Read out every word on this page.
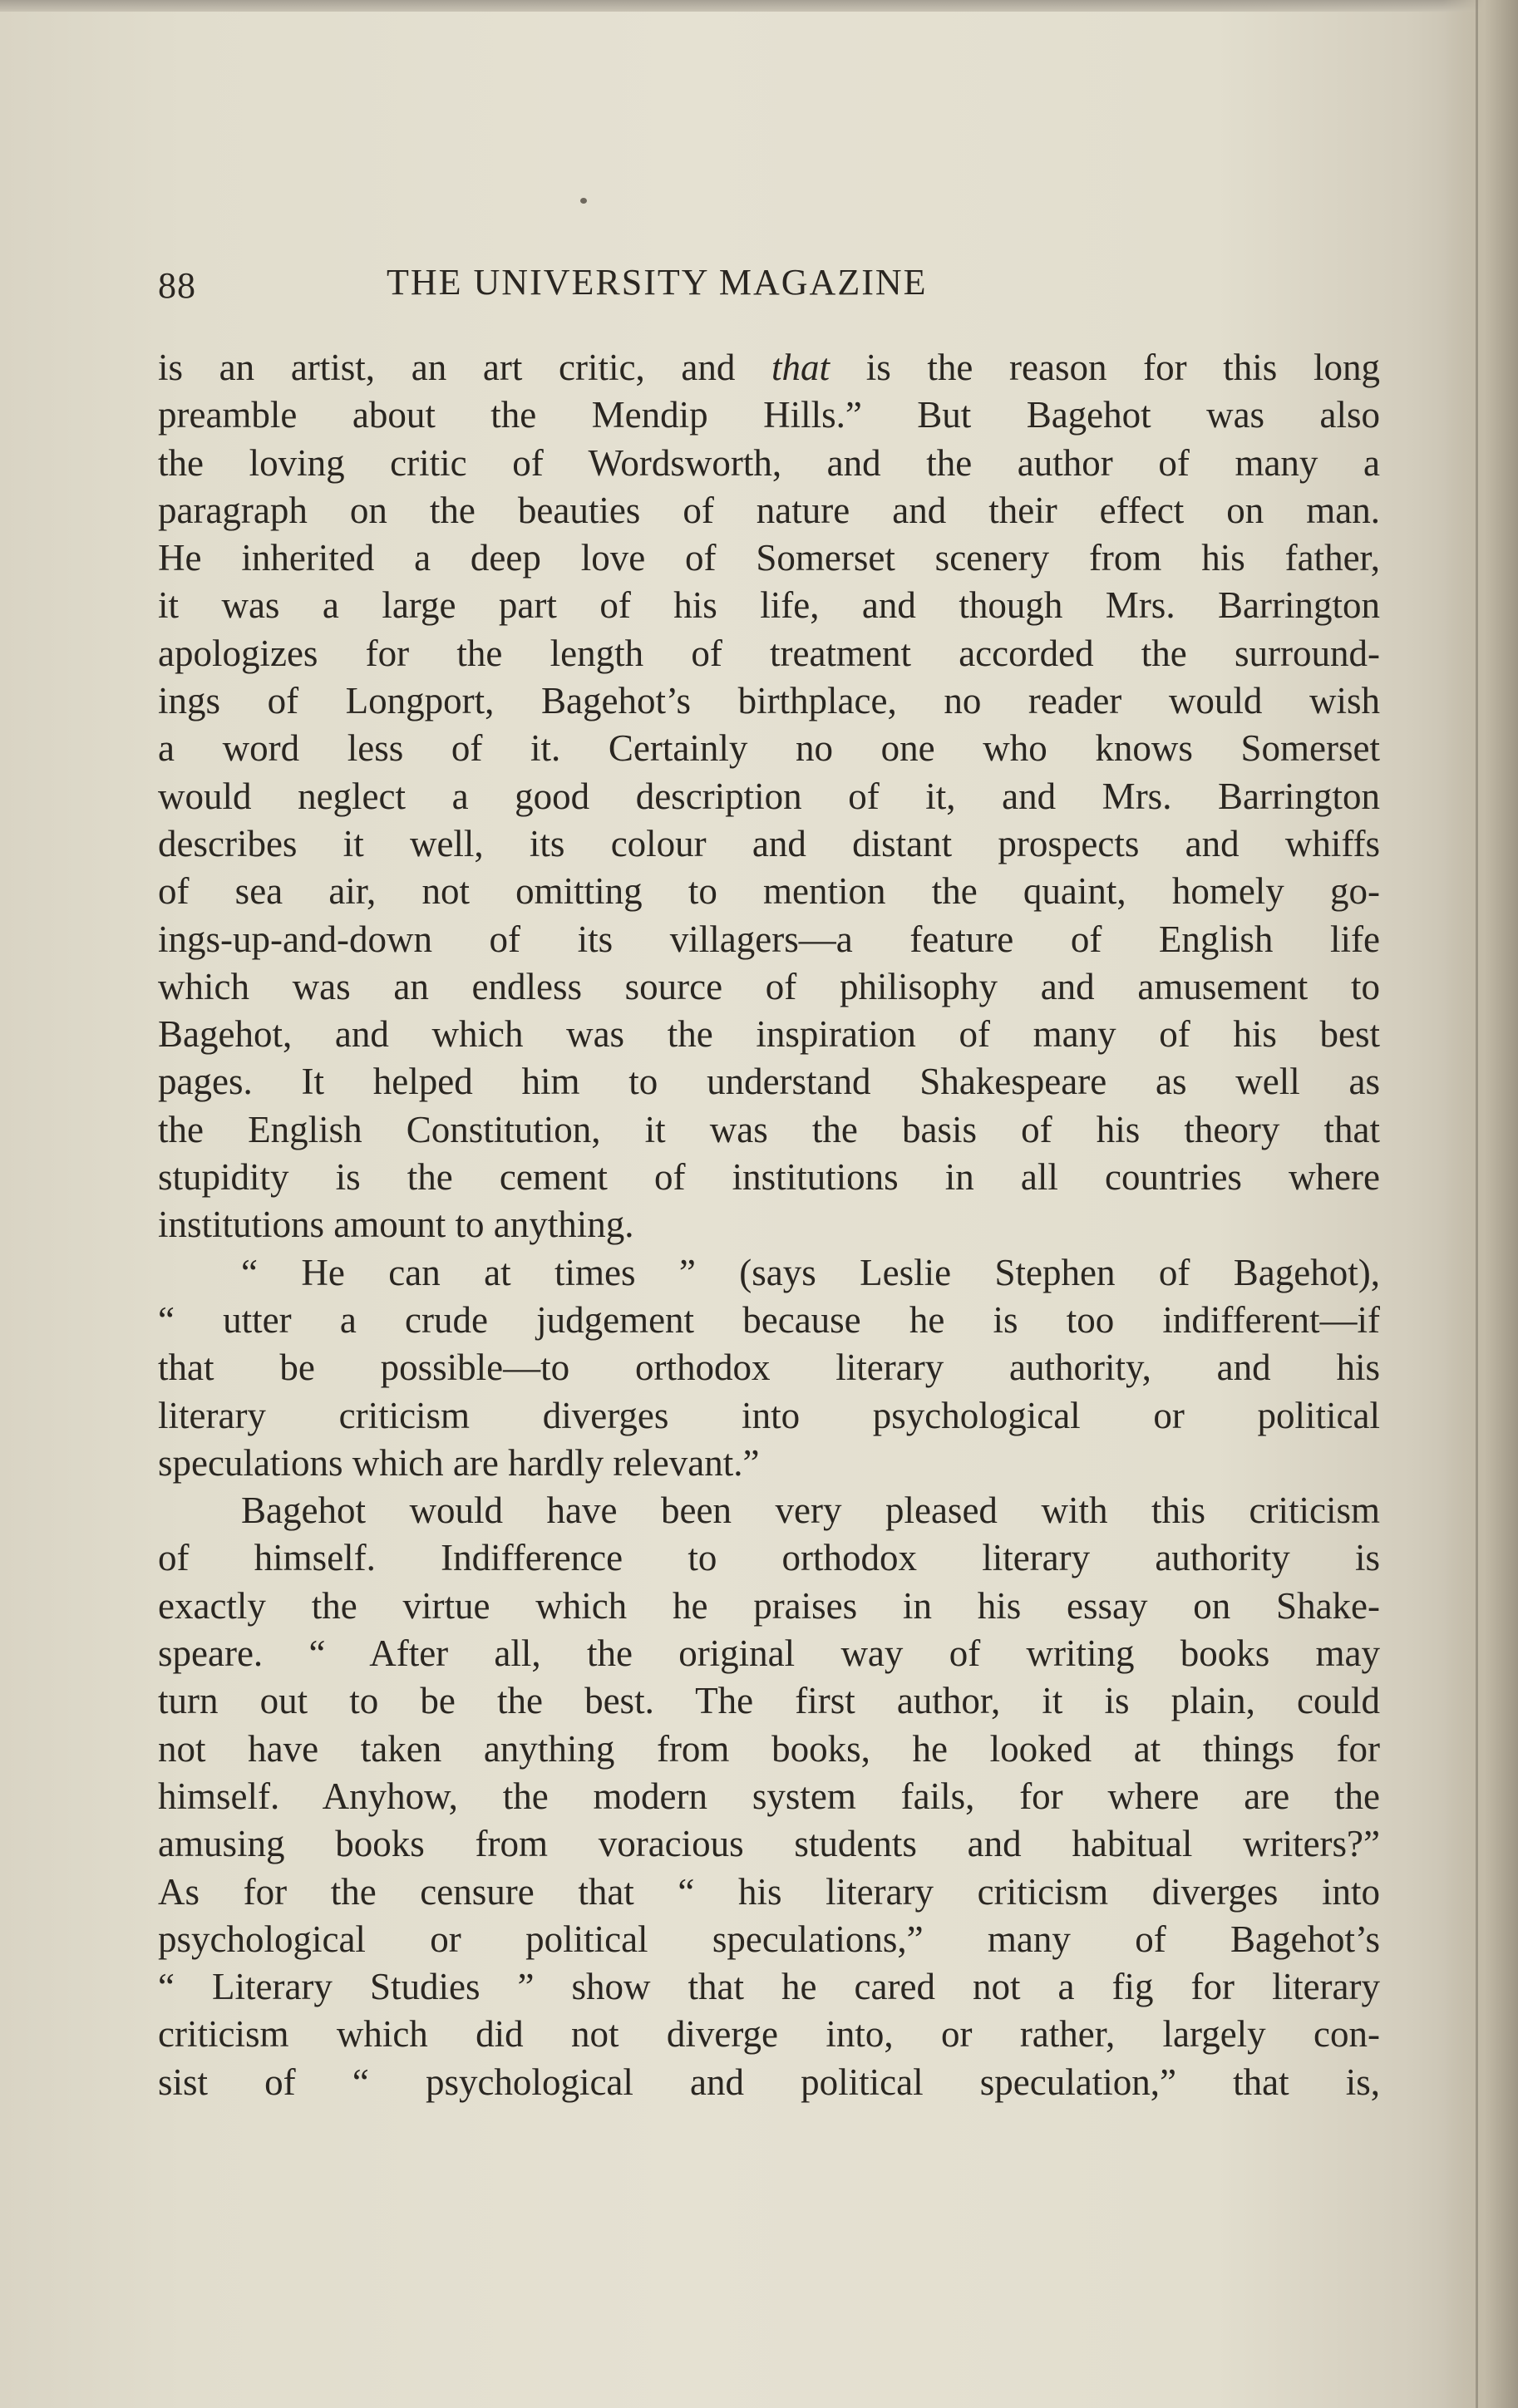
88	THE UNIVERSITY MAGAZINE
is an artist, an art critic, and that is the reason for this long
preamble about the Mendip Hills.” But Bagehot was also
the loving critic of Wordsworth, and the author of many a
paragraph on the beauties of nature and their effect on man.
He inherited a deep love of Somerset scenery from his father,
it was a large part of his life, and though Mrs. Barrington
apologizes for the length of treatment accorded the surround-
ings of Longport, Bagehot’s birthplace, no reader would wish
a word less of it. Certainly no one who knows Somerset
would neglect a good description of it, and Mrs. Barrington
describes it well, its colour and distant prospects and whiffs
of sea air, not omitting to mention the quaint, homely go-
ings-up-and-down of its villagers—a feature of English life
which was an endless source of philisophy and amusement to
Bagehot, and which was the inspiration of many of his best
pages. It helped him to understand Shakespeare as well as
the English Constitution, it was the basis of his theory that
stupidity is the cement of institutions in all countries where
institutions amount to anything.
“ He can at times ” (says Leslie Stephen of Bagehot),
“ utter a crude judgement because he is too indifferent—if
that be possible—to orthodox literary authority, and his
literary criticism diverges into psychological or political
speculations which are hardly relevant.”
Bagehot would have been very pleased with this criticism
of himself. Indifference to orthodox literary authority is
exactly the virtue which he praises in his essay on Shake-
speare. “ After all, the original way of writing books may
turn out to be the best. The first author, it is plain, could
not have taken anything from books, he looked at things for
himself. Anyhow, the modern system fails, for where are the
amusing books from voracious students and habitual writers?”
As for the censure that “ his literary criticism diverges into
psychological or political speculations,” many of Bagehot’s
“ Literary Studies ” show that he cared not a fig for literary
criticism which did not diverge into, or rather, largely con-
sist of “ psychological and political speculation,” that is,
